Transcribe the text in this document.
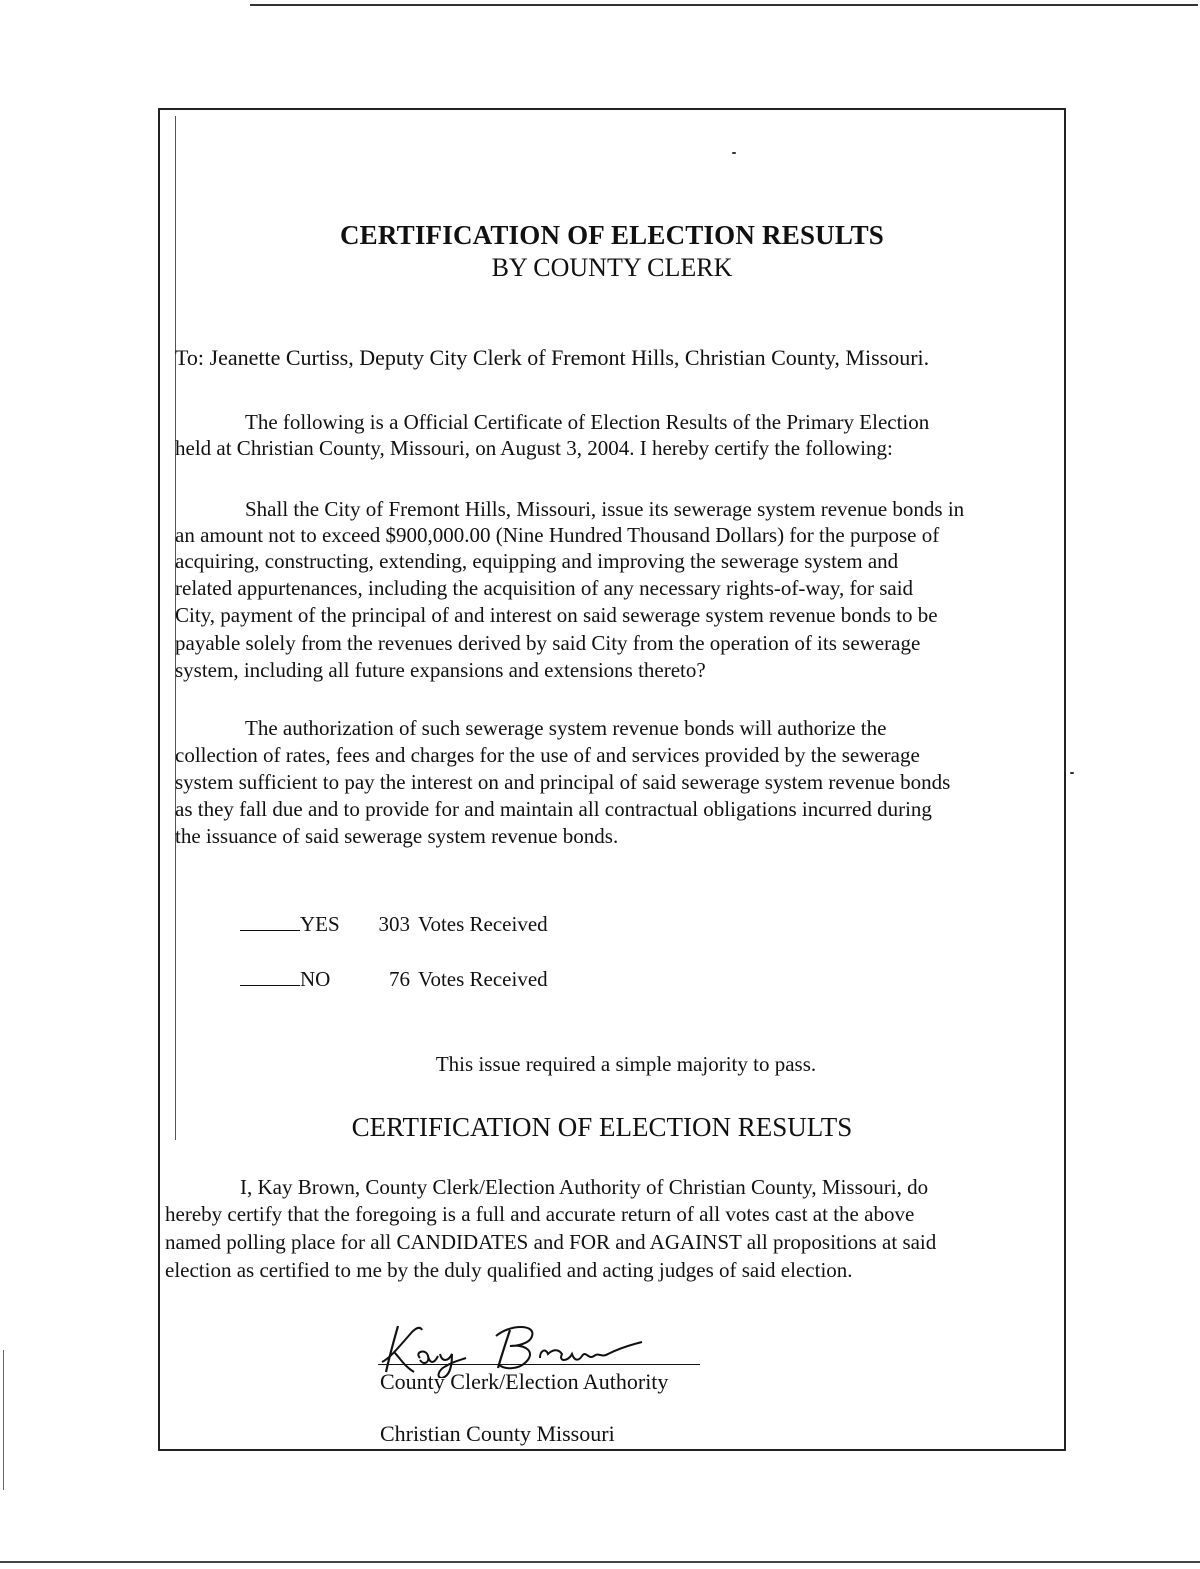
CERTIFICATION OF ELECTION RESULTS
BY COUNTY CLERK
To: Jeanette Curtiss, Deputy City Clerk of Fremont Hills, Christian County, Missouri.
The following is a Official Certificate of Election Results of the Primary Election
held at Christian County, Missouri, on August 3, 2004. I hereby certify the following:
Shall the City of Fremont Hills, Missouri, issue its sewerage system revenue bonds in
an amount not to exceed $900,000.00 (Nine Hundred Thousand Dollars) for the purpose of
acquiring, constructing, extending, equipping and improving the sewerage system and
related appurtenances, including the acquisition of any necessary rights-of-way, for said
City, payment of the principal of and interest on said sewerage system revenue bonds to be
payable solely from the revenues derived by said City from the operation of its sewerage
system, including all future expansions and extensions thereto?
The authorization of such sewerage system revenue bonds will authorize the
collection of rates, fees and charges for the use of and services provided by the sewerage
system sufficient to pay the interest on and principal of said sewerage system revenue bonds
as they fall due and to provide for and maintain all contractual obligations incurred during
the issuance of said sewerage system revenue bonds.
YES 303 Votes Received
NO	76 Votes Received
This issue required a simple majority to pass.
CERTIFICATION OF ELECTION RESULTS
I, Kay Brown, County Clerk/Election Authority of Christian County, Missouri, do
hereby certify that the foregoing is a full and accurate return of all votes cast at the above
named polling place for all CANDIDATES and FOR and AGAINST all propositions at said
election as certified to me by the duly qualified and acting judges of said election.
County Clerk/Election Authority
Christian County Missouri
